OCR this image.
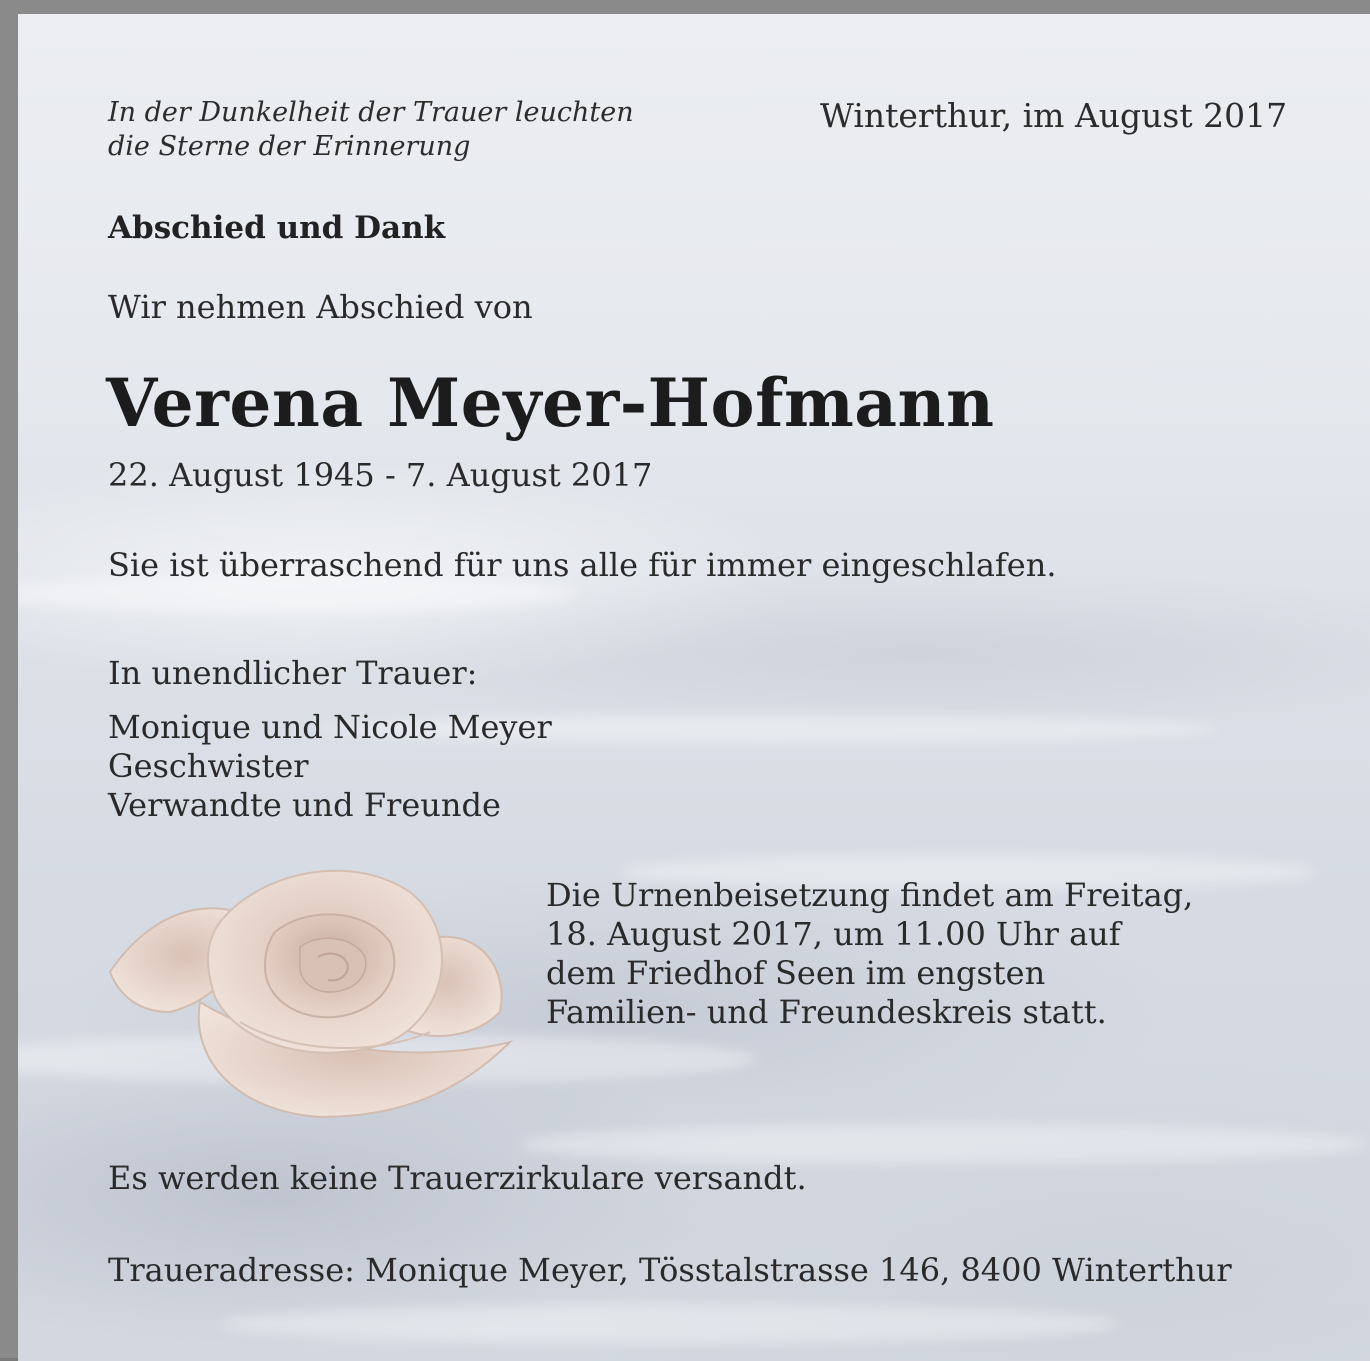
In der Dunkelheit der Trauer leuchten
die Sterne der Erinnerung
Winterthur, im August 2017
Abschied und Dank
Wir nehmen Abschied von
Verena Meyer-Hofmann
22. August 1945 - 7. August 2017
Sie ist überraschend für uns alle für immer eingeschlafen.
In unendlicher Trauer:
Monique und Nicole Meyer
Geschwister
Verwandte und Freunde
Die Urnenbeisetzung findet am Freitag,
18. August 2017, um 11.00 Uhr auf
dem Friedhof Seen im engsten
Familien- und Freundeskreis statt.
Es werden keine Trauerzirkulare versandt.
Traueradresse: Monique Meyer, Tösstalstrasse 146, 8400 Winterthur
